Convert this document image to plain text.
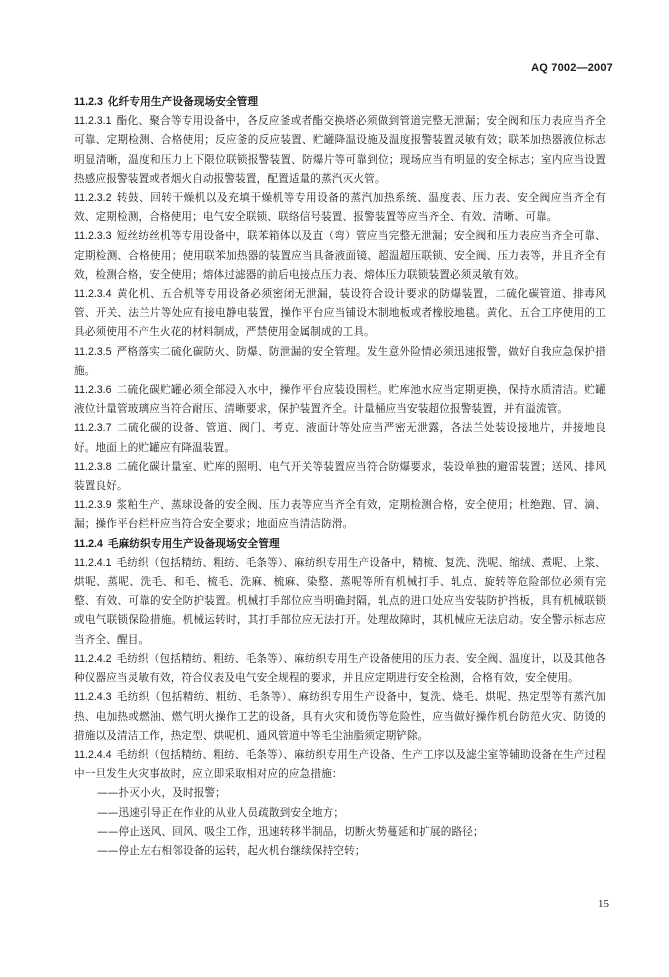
AQ 7002—2007

11.2.3 化纤专用生产设备现场安全管理

11.2.3.1 酯化、聚合等专用设备中，各反应釜或者酯交换塔必须做到管道完整无泄漏；安全阀和压力表应当齐全可靠、定期检测、合格使用；反应釜的反应装置、贮罐降温设施及温度报警装置灵敏有效；联苯加热器液位标志明显清晰，温度和压力上下限位联锁报警装置、防爆片等可靠到位；现场应当有明显的安全标志；室内应当设置热感应报警装置或者烟火自动报警装置，配置适量的蒸汽灭火管。

11.2.3.2 转鼓、回转干燥机以及充填干燥机等专用设备的蒸汽加热系统、温度表、压力表、安全阀应当齐全有效、定期检测，合格使用；电气安全联锁、联络信号装置、报警装置等应当齐全、有效、清晰、可靠。

11.2.3.3 短丝纺丝机等专用设备中，联苯箱体以及直（弯）管应当完整无泄漏；安全阀和压力表应当齐全可靠、定期检测、合格使用；使用联苯加热器的装置应当具备液面镜、超温超压联锁、安全阀、压力表等，并且齐全有效，检测合格，安全使用；熔体过滤器的前后电接点压力表、熔体压力联锁装置必须灵敏有效。

11.2.3.4 黄化机、五合机等专用设备必须密闭无泄漏，装设符合设计要求的防爆装置，二硫化碳管道、排毒风管、开关、法兰片等处应有接电静电装置，操作平台应当铺设木制地板或者橡胶地毯。黄化、五合工序使用的工具必须使用不产生火花的材料制成，严禁使用金属制成的工具。

11.2.3.5 严格落实二硫化碳防火、防爆、防泄漏的安全管理。发生意外险情必须迅速报警，做好自我应急保护措施。

11.2.3.6 二硫化碳贮罐必须全部浸入水中，操作平台应装设围栏。贮库池水应当定期更换，保持水质清洁。贮罐液位计量管玻璃应当符合耐压、清晰要求，保护装置齐全。计量桶应当安装超位报警装置，并有溢流管。

11.2.3.7 二硫化碳的设备、管道、阀门、考克、液面计等处应当严密无泄露，各法兰处装设接地片，并接地良好。地面上的贮罐应有降温装置。

11.2.3.8 二硫化碳计量室、贮库的照明、电气开关等装置应当符合防爆要求，装设单独的避雷装置；送风、排风装置良好。

11.2.3.9 浆粕生产、蒸球设备的安全阀、压力表等应当齐全有效，定期检测合格，安全使用；杜绝跑、冒、滴、漏；操作平台栏杆应当符合安全要求；地面应当清洁防滑。

11.2.4 毛麻纺织专用生产设备现场安全管理

11.2.4.1 毛纺织（包括精纺、粗纺、毛条等）、麻纺织专用生产设备中，精梳、复洗、洗呢、缩绒、煮呢、上浆、烘呢、蒸呢、洗毛、和毛、梳毛、洗麻、梳麻、染整、蒸呢等所有机械打手、轧点、旋转等危险部位必须有完整、有效、可靠的安全防护装置。机械打手部位应当明确封隔，轧点的进口处应当安装防护挡板，具有机械联锁或电气联锁保险措施。机械运转时，其打手部位应无法打开。处理故障时，其机械应无法启动。安全警示标志应当齐全、醒目。

11.2.4.2 毛纺织（包括精纺、粗纺、毛条等）、麻纺织专用生产设备使用的压力表、安全阀、温度计，以及其他各种仪器应当灵敏有效，符合仪表及电气安全规程的要求，并且应定期进行安全检测，合格有效，安全使用。

11.2.4.3 毛纺织（包括精纺、粗纺、毛条等）、麻纺织专用生产设备中，复洗、烧毛、烘呢、热定型等有蒸汽加热、电加热或燃油、燃气明火操作工艺的设备，具有火灾和烫伤等危险性，应当做好操作机台防范火灾、防烫的措施以及清洁工作，热定型、烘呢机、通风管道中等毛尘油脂须定期铲除。

11.2.4.4 毛纺织（包括精纺、粗纺、毛条等）、麻纺织专用生产设备、生产工序以及滤尘室等辅助设备在生产过程中一旦发生火灾事故时，应立即采取相对应的应急措施：

——扑灭小火，及时报警；

——迅速引导正在作业的从业人员疏散到安全地方；

——停止送风、回风、吸尘工作，迅速转移半制品，切断火势蔓延和扩展的路径；

——停止左右相邻设备的运转，起火机台继续保持空转；

15
